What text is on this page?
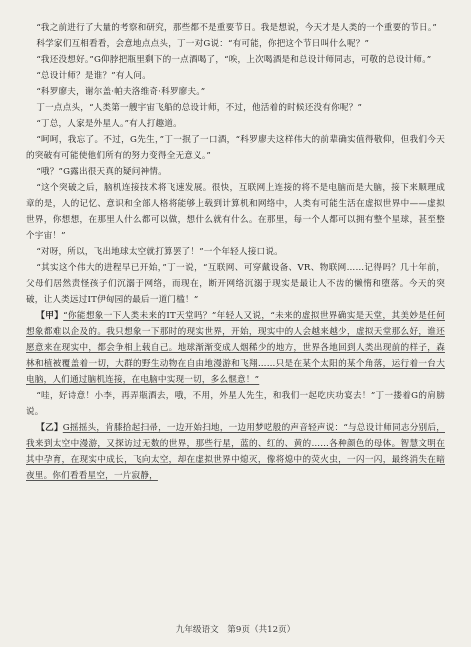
“我之前进行了大量的考察和研究，那些都不是重要节日。我是想说，今天才是人类的一个重要的节日。”

科学家们互相看看，会意地点点头，丁一对G说：“有可能，你把这个节日叫什么呢？”

“我还没想好。”G仰脖把瓶里剩下的一点酒喝了，“唉，上次喝酒是和总设计师同志，可敬的总设计师。”

“总设计师？是谁？”有人问。

“科罗廖夫，谢尔盖·帕夫洛维奇·科罗廖夫。”

丁一点点头，“人类第一艘宇宙飞船的总设计师，不过，他活着的时候还没有你呢？”

“丁总，人家是外星人。”有人打趣道。

“呵呵，我忘了。不过，G先生，”丁一抿了一口酒，“科罗廖夫这样伟大的前辈确实值得敬仰，但我们今天的突破有可能使他们所有的努力变得全无意义。”

“哦？”G露出很天真的疑问神情。

“这个突破之后，脑机连接技术将飞速发展。很快，互联网上连接的将不是电脑而是大脑，接下来顺理成章的是，人的记忆、意识和全部人格将能够上载到计算机和网络中，人类有可能生活在虚拟世界中——虚拟世界，你想想，在那里人什么都可以做，想什么就有什么。在那里，每一个人都可以拥有整个星球，甚至整个宇宙！”

“对呀，所以，飞出地球太空就打算罢了！”一个年轻人接口说。

“其实这个伟大的进程早已开始，”丁一说，“互联网、可穿戴设备、VR、物联网……记得吗？几十年前，父母们居然责怪孩子们沉溺于网络，而现在，断开网络沉溺于现实是最让人不齿的懒惰和堕落。今天的突破，让人类远过IT伊甸园的最后一道门槛！”

【甲】“你能想象一下人类未来的IT天堂吗？”年轻人又说，“未来的虚拟世界确实是天堂，其美妙是任何想象都难以企及的。我只想象一下那时的现实世界，开始，现实中的人会越来越少，虚拟天堂那么好，谁还愿意来在现实中，都会争相上载自己。地球渐渐变成人烟稀少的地方，世界各地回到人类出现前的样子，森林和植被覆盖着一切，大群的野生动物在自由地漫游和飞翔……只是在某个太阳的某个角落，运行着一台大电脑，人们通过脑机连接，在电脑中实现一切，多么惬意！”

“哇，好诗意！小李，再弄瓶酒去，哦，不用，外星人先生，和我们一起吃庆功宴去！”丁一搂着G的肩膀说。

【乙】G摇摇头，肯膝拾起扫帚，一边开始扫地，一边用梦呓般的声音轻声说：“与总设计师同志分别后，我来到太空中漫游，又探访过无数的世界，那些行星，蓝的、红的、黄的……各种颜色的母体。智慧文明在其中孕育，在现实中成长，飞向太空，却在虚拟世界中熄灭，像将熄中的荧火虫，一闪一闪，最终消失在暗夜里。你们看看星空，一片寂静，

九年级语文　第9页（共12页）
